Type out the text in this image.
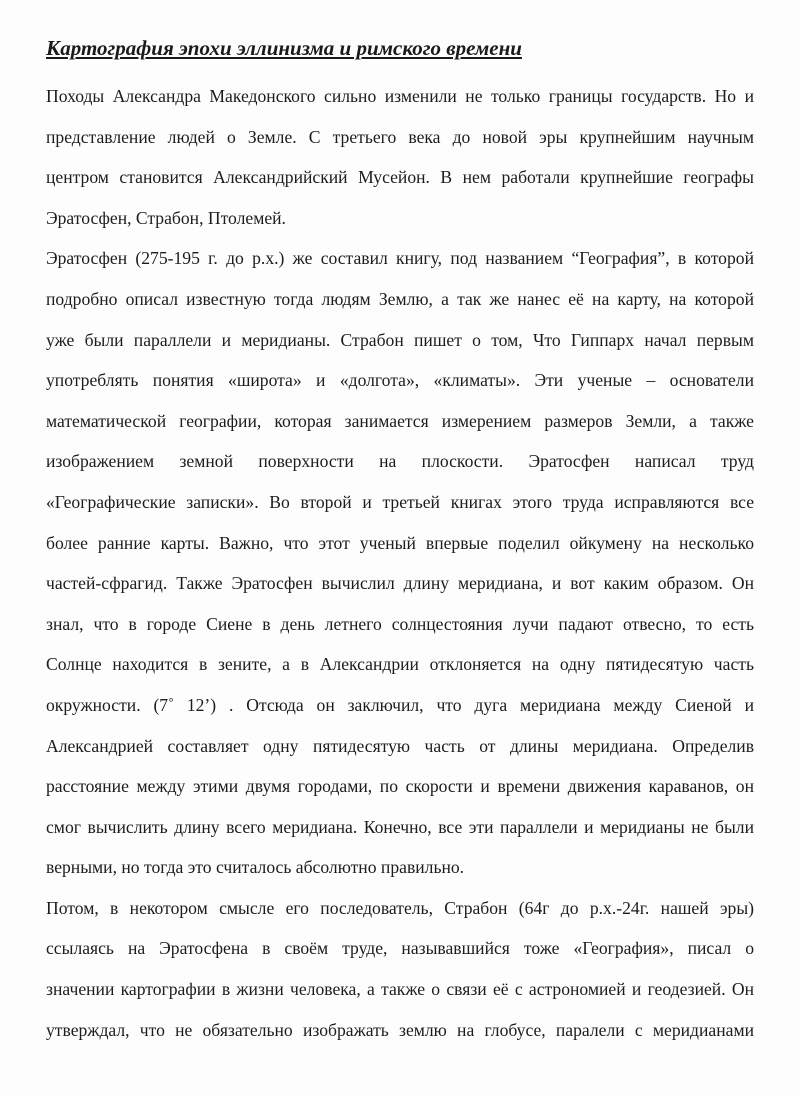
Картография эпохи эллинизма и римского времени
Походы Александра Македонского сильно изменили не только границы государств. Но и
представление людей о Земле. С третьего века до новой эры крупнейшим научным
центром становится Александрийский Мусейон. В нем работали крупнейшие географы
Эратосфен, Страбон, Птолемей.
Эратосфен (275-195 г. до р.х.) же составил книгу, под названием “География”, в которой
подробно описал известную тогда людям Землю, а так же нанес её на карту, на которой
уже были параллели и меридианы. Страбон пишет о том, Что Гиппарх начал первым
употреблять понятия «широта» и «долгота», «климаты». Эти ученые – основатели
математической географии, которая занимается измерением размеров Земли, а также
изображением земной поверхности на плоскости. Эратосфен написал труд
«Географические записки». Во второй и третьей книгах этого труда исправляются все
более ранние карты. Важно, что этот ученый впервые поделил ойкумену на несколько
частей-сфрагид. Также Эратосфен вычислил длину меридиана, и вот каким образом. Он
знал, что в городе Сиене в день летнего солнцестояния лучи падают отвесно, то есть
Солнце находится в зените, а в Александрии отклоняется на одну пятидесятую часть
окружности. (7˚ 12’) . Отсюда он заключил, что дуга меридиана между Сиеной и
Александрией составляет одну пятидесятую часть от длины меридиана. Определив
расстояние между этими двумя городами, по скорости и времени движения караванов, он
смог вычислить длину всего меридиана. Конечно, все эти параллели и меридианы не были
верными, но тогда это считалось абсолютно правильно.
Потом, в некотором смысле его последователь, Страбон (64г до р.х.-24г. нашей эры)
ссылаясь на Эратосфена в своём труде, называвшийся тоже «География», писал о
значении картографии в жизни человека, а также о связи её с астрономией и геодезией. Он
утверждал, что не обязательно изображать землю на глобусе, паралели с меридианами
